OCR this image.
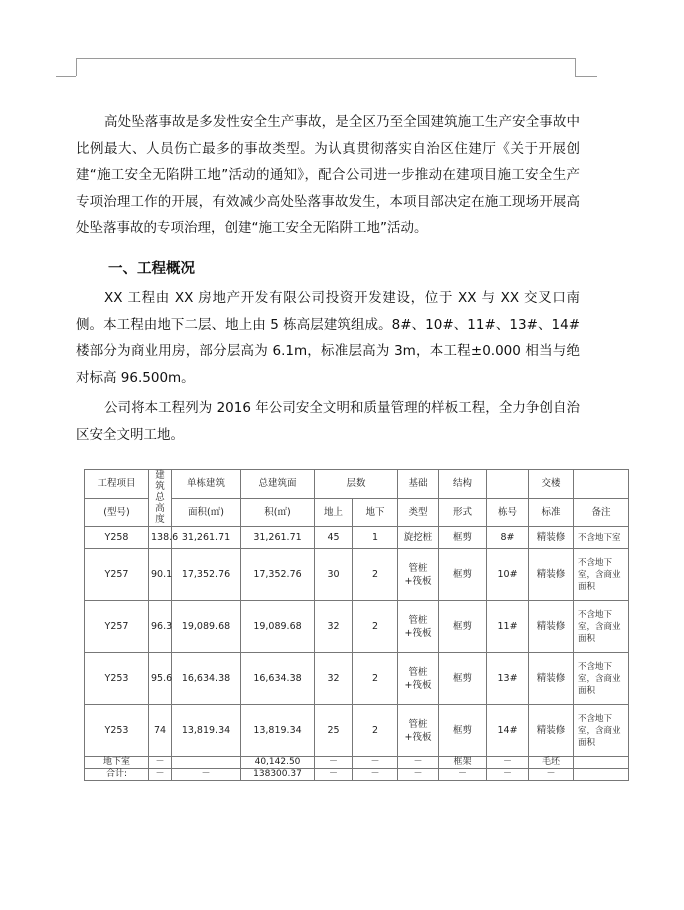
高处坠落事故是多发性安全生产事故，是全区乃至全国建筑施工生产安全事故中比例最大、人员伤亡最多的事故类型。为认真贯彻落实自治区住建厅《关于开展创建“施工安全无陷阱工地”活动的通知》，配合公司进一步推动在建项目施工安全生产专项治理工作的开展，有效减少高处坠落事故发生，本项目部决定在施工现场开展高处坠落事故的专项治理，创建“施工安全无陷阱工地”活动。

一、工程概况

XX 工程由 XX 房地产开发有限公司投资开发建设，位于 XX 与 XX 交叉口南侧。本工程由地下二层、地上由 5 栋高层建筑组成。8#、10#、11#、13#、14#楼部分为商业用房，部分层高为 6.1m，标准层高为 3m，本工程±0.000 相当与绝对标高 96.500m。

公司将本工程列为 2016 年公司安全文明和质量管理的样板工程，全力争创自治区安全文明工地。

工程项目	建筑总高度	单栋建筑	总建筑面	层数		基础	结构		交楼	
(型号)		面积(㎡)	积(㎡)	地上	地下	类型	形式	栋号	标准	备注
Y258	138.6	31,261.71	31,261.71	45	1	旋挖桩	框剪	8#	精装修	不含地下室
Y257	90.1	17,352.76	17,352.76	30	2	管桩+筏板	框剪	10#	精装修	不含地下室，含商业面积
Y257	96.3	19,089.68	19,089.68	32	2	管桩+筏板	框剪	11#	精装修	不含地下室，含商业面积
Y253	95.6	16,634.38	16,634.38	32	2	管桩+筏板	框剪	13#	精装修	不含地下室，含商业面积
Y253	74	13,819.34	13,819.34	25	2	管桩+筏板	框剪	14#	精装修	不含地下室，含商业面积
地下室	－		40,142.50	－	－	－	框架	－	毛坯	
合计:	－	－	138300.37	－	－	－	－	－	－	
